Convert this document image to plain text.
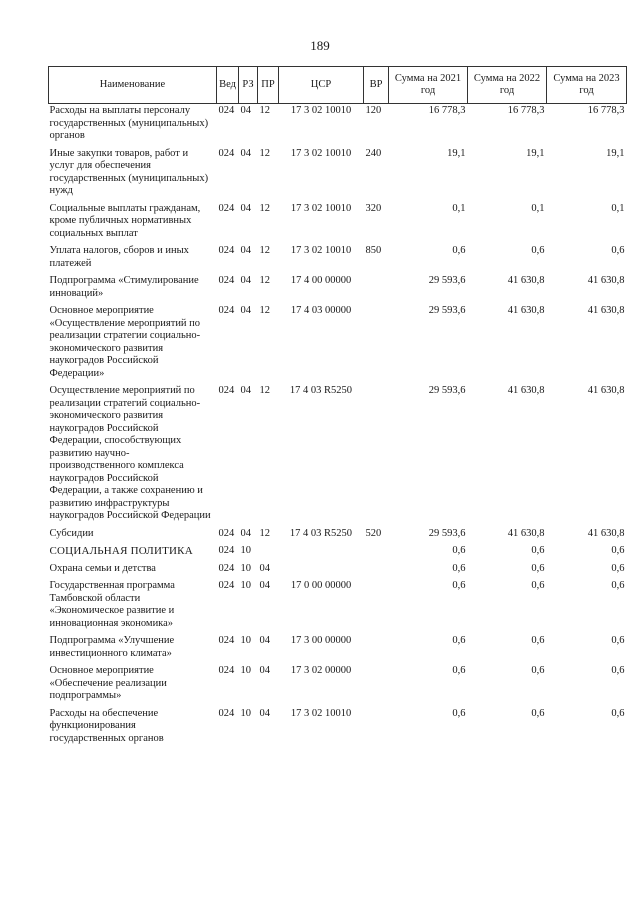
189
Наименование	Вед	РЗ	ПР	ЦСР	ВР	Сумма на 2021 год	Сумма на 2022 год	Сумма на 2023 год
Расходы на выплаты персоналу государственных (муниципальных) органов	024	04	12	17 3 02 10010	120	16 778,3	16 778,3	16 778,3
Иные закупки товаров, работ и услуг для обеспечения государственных (муниципальных) нужд	024	04	12	17 3 02 10010	240	19,1	19,1	19,1
Социальные выплаты гражданам, кроме публичных нормативных социальных выплат	024	04	12	17 3 02 10010	320	0,1	0,1	0,1
Уплата налогов, сборов и иных платежей	024	04	12	17 3 02 10010	850	0,6	0,6	0,6
Подпрограмма «Стимулирование инноваций»	024	04	12	17 4 00 00000		29 593,6	41 630,8	41 630,8
Основное мероприятие «Осуществление мероприятий по реализации стратегии социально-экономического развития наукоградов Российской Федерации»	024	04	12	17 4 03 00000		29 593,6	41 630,8	41 630,8
Осуществление мероприятий по реализации стратегий социально-экономического развития наукоградов Российской Федерации, способствующих развитию научно-производственного комплекса наукоградов Российской Федерации, а также сохранению и развитию инфраструктуры наукоградов Российской Федерации	024	04	12	17 4 03 R5250		29 593,6	41 630,8	41 630,8
Субсидии	024	04	12	17 4 03 R5250	520	29 593,6	41 630,8	41 630,8
СОЦИАЛЬНАЯ ПОЛИТИКА	024	10				0,6	0,6	0,6
Охрана семьи и детства	024	10	04			0,6	0,6	0,6
Государственная программа Тамбовской области «Экономическое развитие и инновационная экономика»	024	10	04	17 0 00 00000		0,6	0,6	0,6
Подпрограмма «Улучшение инвестиционного климата»	024	10	04	17 3 00 00000		0,6	0,6	0,6
Основное мероприятие «Обеспечение реализации подпрограммы»	024	10	04	17 3 02 00000		0,6	0,6	0,6
Расходы на обеспечение функционирования государственных органов	024	10	04	17 3 02 10010		0,6	0,6	0,6
